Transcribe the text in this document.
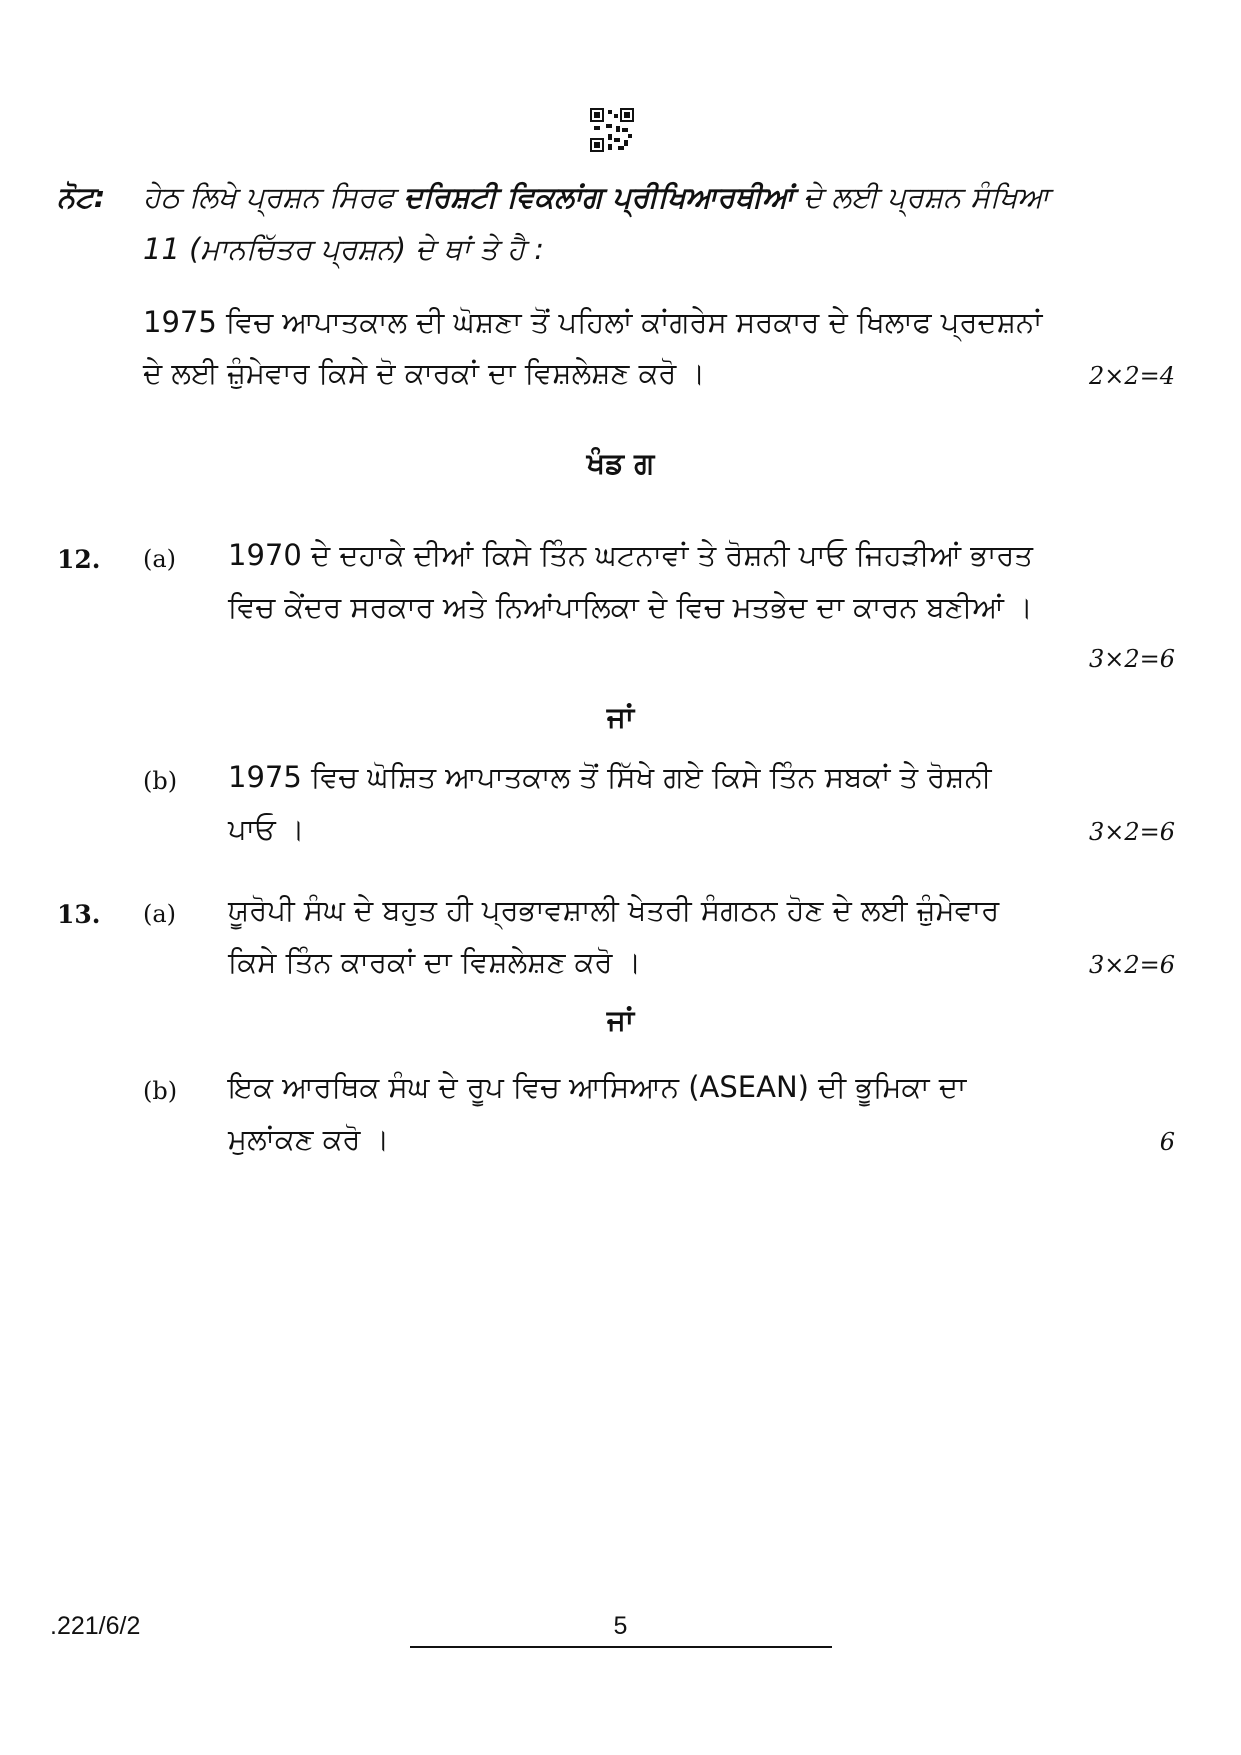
ਨੋਟ: ਹੇਠ ਲਿਖੇ ਪ੍ਰਸ਼ਨ ਸਿਰਫ ਦਰਿਸ਼ਟੀ ਵਿਕਲਾਂਗ ਪ੍ਰੀਖਿਆਰਥੀਆਂ ਦੇ ਲਈ ਪ੍ਰਸ਼ਨ ਸੰਖਿਆ
11 (ਮਾਨਚਿੱਤਰ ਪ੍ਰਸ਼ਨ) ਦੇ ਥਾਂ ਤੇ ਹੈ :
1975 ਵਿਚ ਆਪਾਤਕਾਲ ਦੀ ਘੋਸ਼ਣਾ ਤੋਂ ਪਹਿਲਾਂ ਕਾਂਗਰੇਸ ਸਰਕਾਰ ਦੇ ਖਿਲਾਫ ਪ੍ਰਦਸ਼ਨਾਂ
ਦੇ ਲਈ ਜ਼ੁੰਮੇਵਾਰ ਕਿਸੇ ਦੋ ਕਾਰਕਾਂ ਦਾ ਵਿਸ਼ਲੇਸ਼ਣ ਕਰੋ ।	2×2=4
ਖੰਡ ਗ
12. (a) 1970 ਦੇ ਦਹਾਕੇ ਦੀਆਂ ਕਿਸੇ ਤਿੰਨ ਘਟਨਾਵਾਂ ਤੇ ਰੋਸ਼ਨੀ ਪਾਓ ਜਿਹੜੀਆਂ ਭਾਰਤ
ਵਿਚ ਕੇਂਦਰ ਸਰਕਾਰ ਅਤੇ ਨਿਆਂਪਾਲਿਕਾ ਦੇ ਵਿਚ ਮਤਭੇਦ ਦਾ ਕਾਰਨ ਬਣੀਆਂ ।
3×2=6
ਜਾਂ
(b) 1975 ਵਿਚ ਘੋਸ਼ਿਤ ਆਪਾਤਕਾਲ ਤੋਂ ਸਿੱਖੇ ਗਏ ਕਿਸੇ ਤਿੰਨ ਸਬਕਾਂ ਤੇ ਰੋਸ਼ਨੀ
ਪਾਓ ।	3×2=6
13. (a) ਯੂਰੋਪੀ ਸੰਘ ਦੇ ਬਹੁਤ ਹੀ ਪ੍ਰਭਾਵਸ਼ਾਲੀ ਖੇਤਰੀ ਸੰਗਠਨ ਹੋਣ ਦੇ ਲਈ ਜ਼ੁੰਮੇਵਾਰ
ਕਿਸੇ ਤਿੰਨ ਕਾਰਕਾਂ ਦਾ ਵਿਸ਼ਲੇਸ਼ਣ ਕਰੋ ।	3×2=6
ਜਾਂ
(b) ਇਕ ਆਰਥਿਕ ਸੰਘ ਦੇ ਰੂਪ ਵਿਚ ਆਸਿਆਨ (ASEAN) ਦੀ ਭੂਮਿਕਾ ਦਾ
ਮੁਲਾਂਕਣ ਕਰੋ ।	6
.221/6/2	5
